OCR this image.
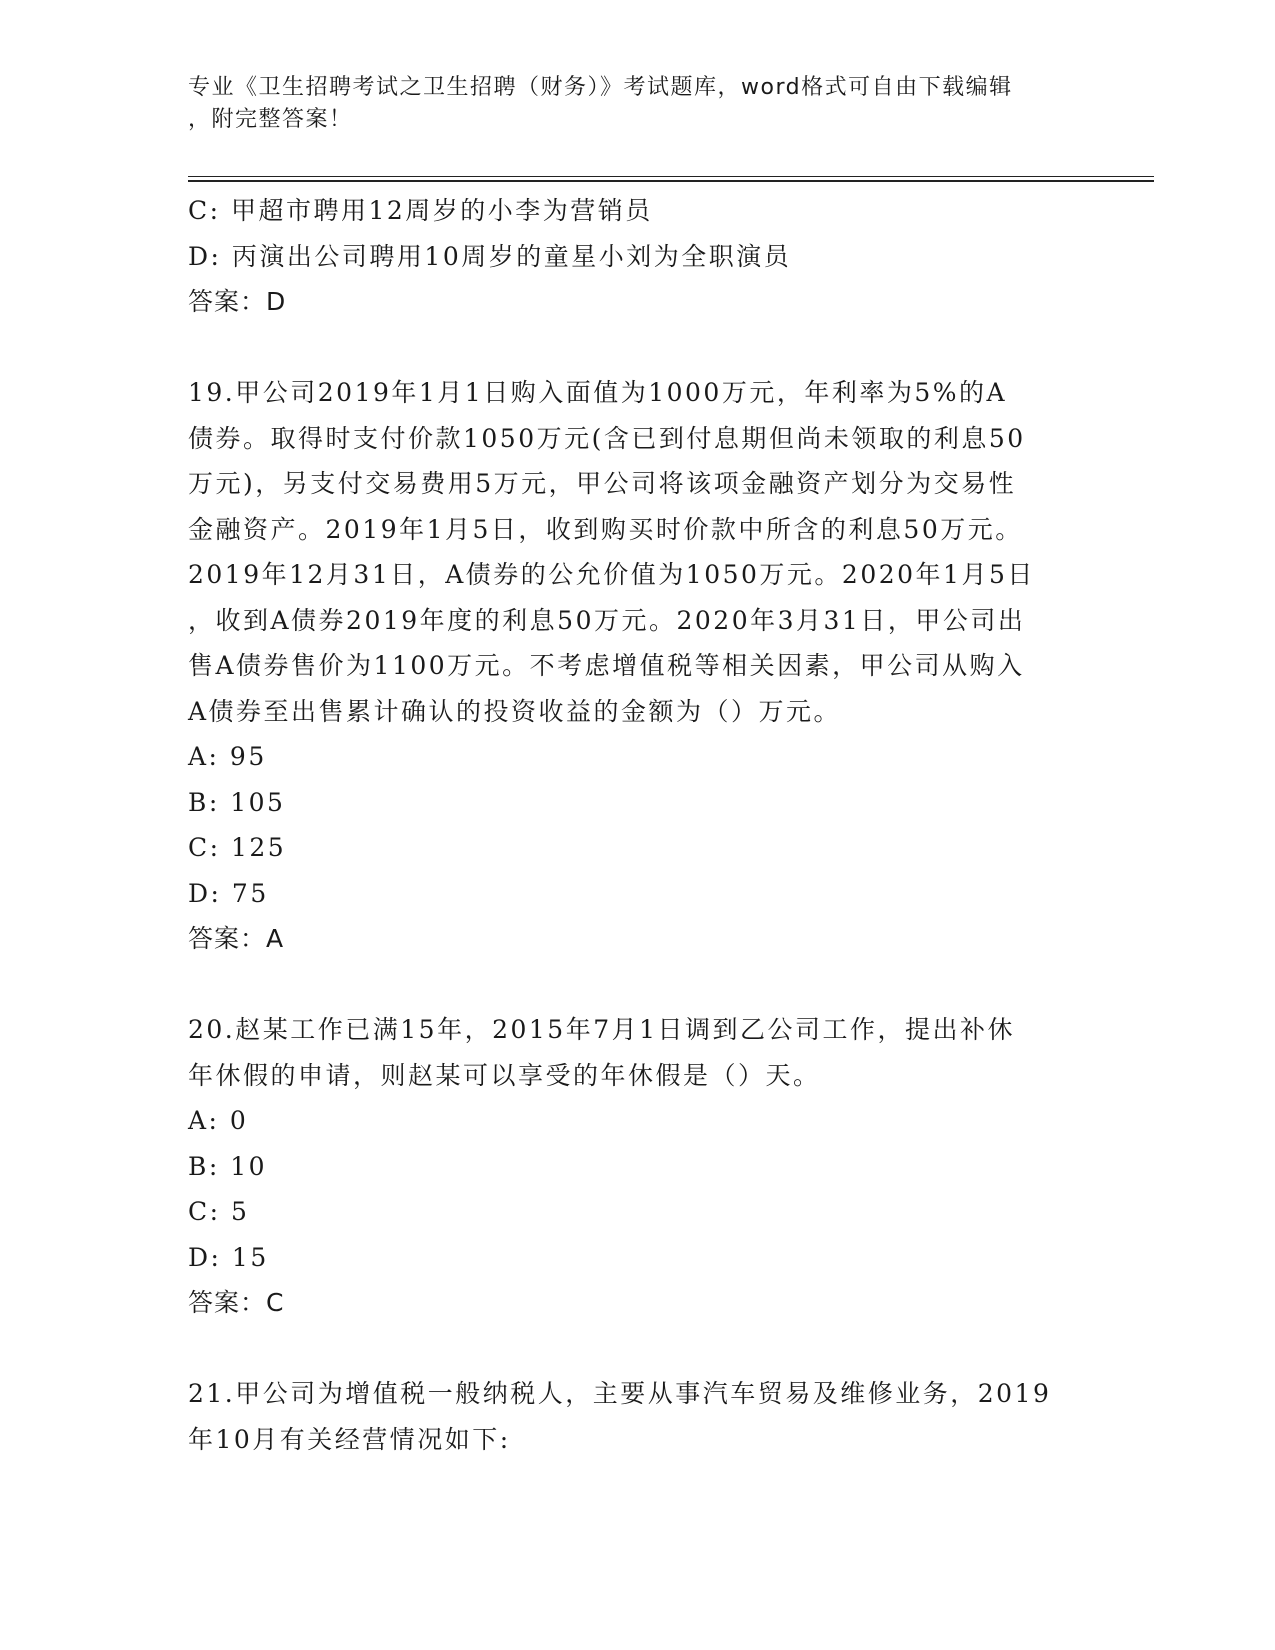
专业《卫生招聘考试之卫生招聘（财务）》考试题库，word格式可自由下载编辑
，附完整答案！

C: 甲超市聘用12周岁的小李为营销员

D: 丙演出公司聘用10周岁的童星小刘为全职演员

答案：D

19.甲公司2019年1月1日购入面值为1000万元，年利率为5%的A

债券。取得时支付价款1050万元(含已到付息期但尚未领取的利息50

万元)，另支付交易费用5万元，甲公司将该项金融资产划分为交易性

金融资产。2019年1月5日，收到购买时价款中所含的利息50万元。

2019年12月31日，A债券的公允价值为1050万元。2020年1月5日

，收到A债券2019年度的利息50万元。2020年3月31日，甲公司出

售A债券售价为1100万元。不考虑增值税等相关因素，甲公司从购入

A债券至出售累计确认的投资收益的金额为（）万元。

A: 95

B: 105

C: 125

D: 75

答案：A

20.赵某工作已满15年，2015年7月1日调到乙公司工作，提出补休

年休假的申请，则赵某可以享受的年休假是（）天。

A: 0

B: 10

C: 5

D: 15

答案：C

21.甲公司为增值税一般纳税人，主要从事汽车贸易及维修业务，2019

年10月有关经营情况如下:
